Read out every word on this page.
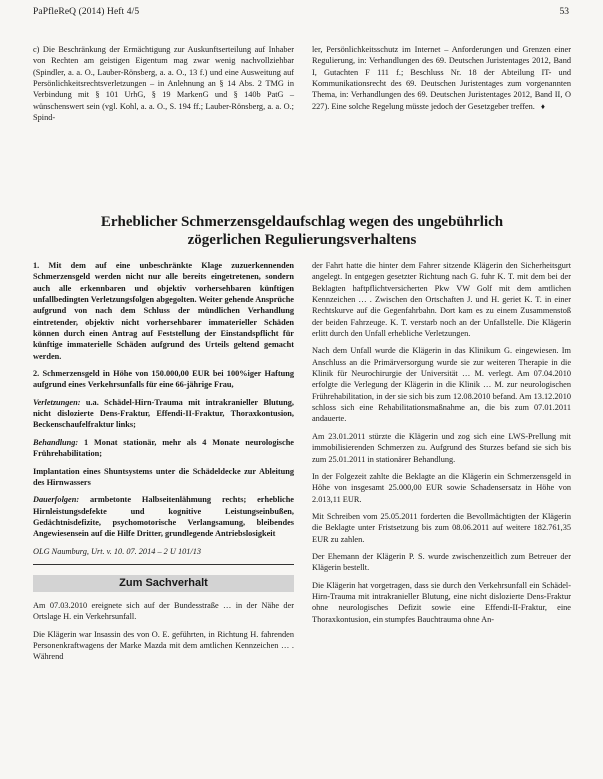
PaPfleReQ (2014) Heft 4/5	53

c) Die Beschränkung der Ermächtigung zur Auskunftserteilung auf Inhaber von Rechten am geistigen Eigentum mag zwar wenig nachvollziehbar (Spindler, a. a. O., Lauber-Rönsberg, a. a. O., 13 f.) und eine Ausweitung auf Persönlichkeitsrechtsverletzungen – in Anlehnung an § 14 Abs. 2 TMG in Verbindung mit § 101 UrhG, § 19 MarkenG und § 140b PatG – wünschenswert sein (vgl. Kohl, a. a. O., S. 194 ff.; Lauber-Rönsberg, a. a. O.; Spind-

ler, Persönlichkeitsschutz im Internet – Anforderungen und Grenzen einer Regulierung, in: Verhandlungen des 69. Deutschen Juristentages 2012, Band I, Gutachten F 111 f.; Beschluss Nr. 18 der Abteilung IT- und Kommunikationsrecht des 69. Deutschen Juristentages zum vorgenannten Thema, in: Verhandlungen des 69. Deutschen Juristentages 2012, Band II, O 227). Eine solche Regelung müsste jedoch der Gesetzgeber treffen. ♦

Erheblicher Schmerzensgeldaufschlag wegen des ungebührlich
zögerlichen Regulierungsverhaltens

1. Mit dem auf eine unbeschränkte Klage zuzuerkennenden Schmerzensgeld werden nicht nur alle bereits eingetretenen, sondern auch alle erkennbaren und objektiv vorhersehbaren künftigen unfallbedingten Verletzungsfolgen abgegolten. Weiter gehende Ansprüche aufgrund von nach dem Schluss der mündlichen Verhandlung eintretender, objektiv nicht vorhersehbarer immaterieller Schäden können durch einen Antrag auf Feststellung der Einstandspflicht für künftige immaterielle Schäden aufgrund des Urteils geltend gemacht werden.

2. Schmerzensgeld in Höhe von 150.000,00 EUR bei 100%iger Haftung aufgrund eines Verkehrsunfalls für eine 66-jährige Frau,

Verletzungen: u.a. Schädel-Hirn-Trauma mit intrakranieller Blutung, nicht dislozierte Dens-Fraktur, Effendi-II-Fraktur, Thoraxkontusion, Beckenschaufelfraktur links;

Behandlung: 1 Monat stationär, mehr als 4 Monate neurologische Frührehabilitation;

Implantation eines Shuntsystems unter die Schädeldecke zur Ableitung des Hirnwassers

Dauerfolgen: armbetonte Halbseitenlähmung rechts; erhebliche Hirnleistungsdefekte und kognitive Leistungseinbußen, Gedächtnisdefizite, psychomotorische Verlangsamung, bleibendes Angewiesensein auf die Hilfe Dritter, grundlegende Antriebslosigkeit

OLG Naumburg, Urt. v. 10. 07. 2014 – 2 U 101/13

Zum Sachverhalt

Am 07.03.2010 ereignete sich auf der Bundesstraße … in der Nähe der Ortslage H. ein Verkehrsunfall.

Die Klägerin war Insassin des von O. E. geführten, in Richtung H. fahrenden Personenkraftwagens der Marke Mazda mit dem amtlichen Kennzeichen … . Während

der Fahrt hatte die hinter dem Fahrer sitzende Klägerin den Sicherheitsgurt angelegt. In entgegen gesetzter Richtung nach G. fuhr K. T. mit dem bei der Beklagten haftpflichtversicherten Pkw VW Golf mit dem amtlichen Kennzeichen … . Zwischen den Ortschaften J. und H. geriet K. T. in einer Rechtskurve auf die Gegenfahrbahn. Dort kam es zu einem Zusammenstoß der beiden Fahrzeuge. K. T. verstarb noch an der Unfallstelle. Die Klägerin erlitt durch den Unfall erhebliche Verletzungen.

Nach dem Unfall wurde die Klägerin in das Klinikum G. eingewiesen. Im Anschluss an die Primärversorgung wurde sie zur weiteren Therapie in die Klinik für Neurochirurgie der Universität … M. verlegt. Am 07.04.2010 erfolgte die Verlegung der Klägerin in die Klinik … M. zur neurologischen Frührehabilitation, in der sie sich bis zum 12.08.2010 befand. Am 13.12.2010 schloss sich eine Rehabilitationsmaßnahme an, die bis zum 07.01.2011 andauerte.

Am 23.01.2011 stürzte die Klägerin und zog sich eine LWS-Prellung mit immobilisierenden Schmerzen zu. Aufgrund des Sturzes befand sie sich bis zum 25.01.2011 in stationärer Behandlung.

In der Folgezeit zahlte die Beklagte an die Klägerin ein Schmerzensgeld in Höhe von insgesamt 25.000,00 EUR sowie Schadensersatz in Höhe von 2.013,11 EUR.

Mit Schreiben vom 25.05.2011 forderten die Bevollmächtigten der Klägerin die Beklagte unter Fristsetzung bis zum 08.06.2011 auf weitere 182.761,35 EUR zu zahlen.

Der Ehemann der Klägerin P. S. wurde zwischenzeitlich zum Betreuer der Klägerin bestellt.

Die Klägerin hat vorgetragen, dass sie durch den Verkehrsunfall ein Schädel-Hirn-Trauma mit intrakranieller Blutung, eine nicht dislozierte Dens-Fraktur ohne neurologisches Defizit sowie eine Effendi-II-Fraktur, eine Thoraxkontusion, ein stumpfes Bauchtrauma ohne An-
